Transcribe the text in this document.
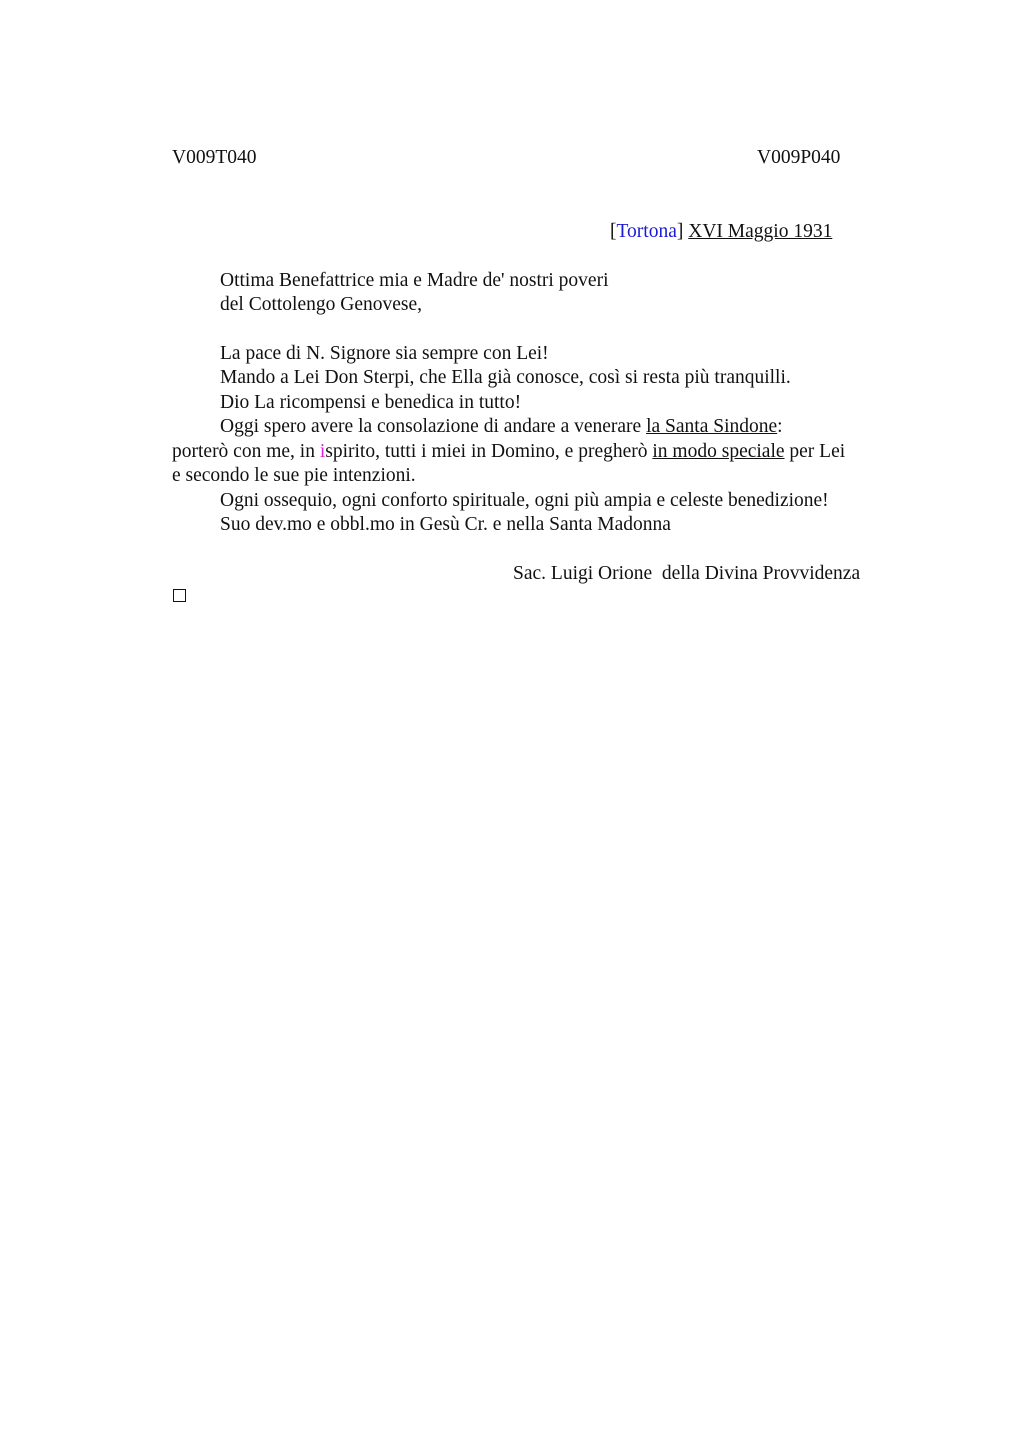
V009T040	V009P040
[Tortona] XVI Maggio 1931
Ottima Benefattrice mia e Madre de' nostri poveri
del Cottolengo Genovese,
La pace di N. Signore sia sempre con Lei!
Mando a Lei Don Sterpi, che Ella già conosce, così si resta più tranquilli.
Dio La ricompensi e benedica in tutto!
Oggi spero avere la consolazione di andare a venerare la Santa Sindone:
porterò con me, in ispirito, tutti i miei in Domino, e pregherò in modo speciale per Lei
e secondo le sue pie intenzioni.
Ogni ossequio, ogni conforto spirituale, ogni più ampia e celeste benedizione!
Suo dev.mo e obbl.mo in Gesù Cr. e nella Santa Madonna
Sac. Luigi Orione  della Divina Provvidenza
